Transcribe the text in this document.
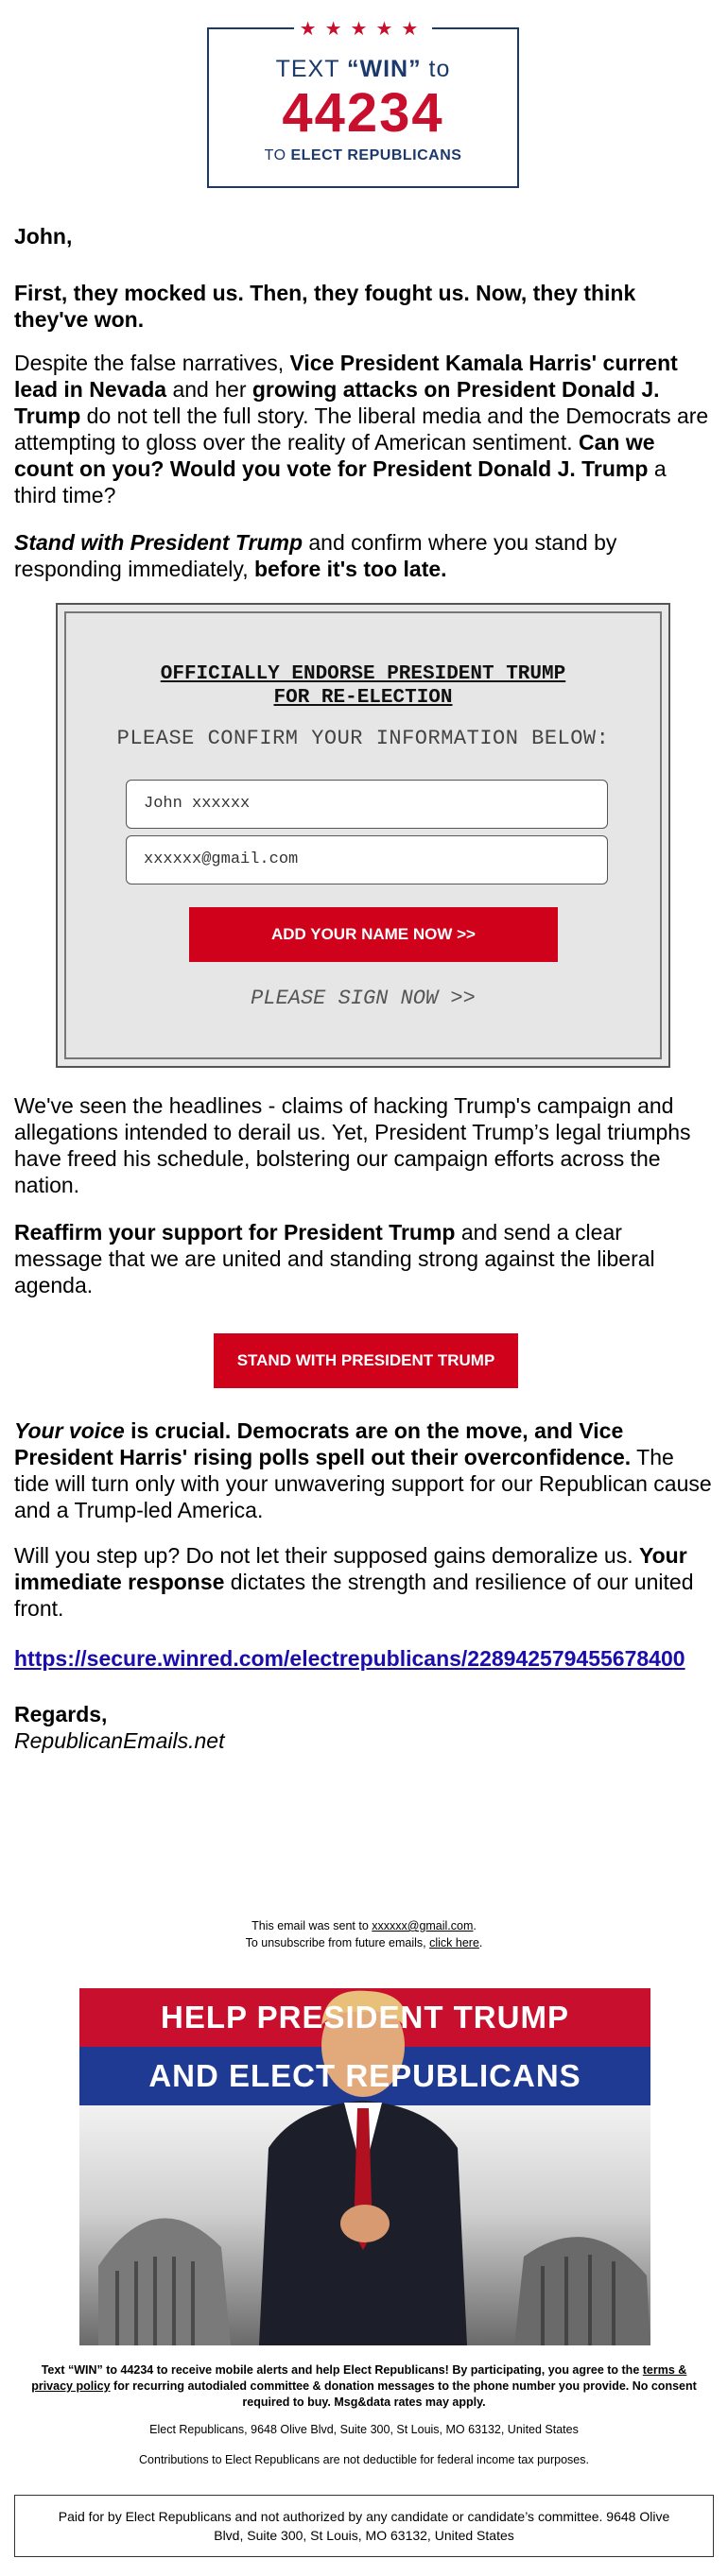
★★★★★
TEXT “WIN” to
44234
TO ELECT REPUBLICANS
John,
First, they mocked us. Then, they fought us. Now, they think they've won.
Despite the false narratives, Vice President Kamala Harris' current lead in Nevada and her growing attacks on President Donald J. Trump do not tell the full story. The liberal media and the Democrats are attempting to gloss over the reality of American sentiment. Can we count on you? Would you vote for President Donald J. Trump a third time?
Stand with President Trump and confirm where you stand by responding immediately, before it's too late.
OFFICIALLY ENDORSE PRESIDENT TRUMP FOR RE-ELECTION
PLEASE CONFIRM YOUR INFORMATION BELOW:
John xxxxxx
xxxxxx@gmail.com
ADD YOUR NAME NOW >>
PLEASE SIGN NOW >>
We've seen the headlines - claims of hacking Trump's campaign and allegations intended to derail us. Yet, President Trump’s legal triumphs have freed his schedule, bolstering our campaign efforts across the nation.
Reaffirm your support for President Trump and send a clear message that we are united and standing strong against the liberal agenda.
STAND WITH PRESIDENT TRUMP
Your voice is crucial. Democrats are on the move, and Vice President Harris' rising polls spell out their overconfidence. The tide will turn only with your unwavering support for our Republican cause and a Trump-led America.
Will you step up? Do not let their supposed gains demoralize us. Your immediate response dictates the strength and resilience of our united front.
https://secure.winred.com/electrepublicans/228942579455678400
Regards,
RepublicanEmails.net
This email was sent to xxxxxx@gmail.com.
To unsubscribe from future emails, click here.
HELP PRESIDENT TRUMP
AND ELECT REPUBLICANS
Text “WIN” to 44234 to receive mobile alerts and help Elect Republicans! By participating, you agree to the terms & privacy policy for recurring autodialed committee & donation messages to the phone number you provide. No consent required to buy. Msg&data rates may apply.
Elect Republicans, 9648 Olive Blvd, Suite 300, St Louis, MO 63132, United States
Contributions to Elect Republicans are not deductible for federal income tax purposes.
Paid for by Elect Republicans and not authorized by any candidate or candidate’s committee. 9648 Olive Blvd, Suite 300, St Louis, MO 63132, United States
